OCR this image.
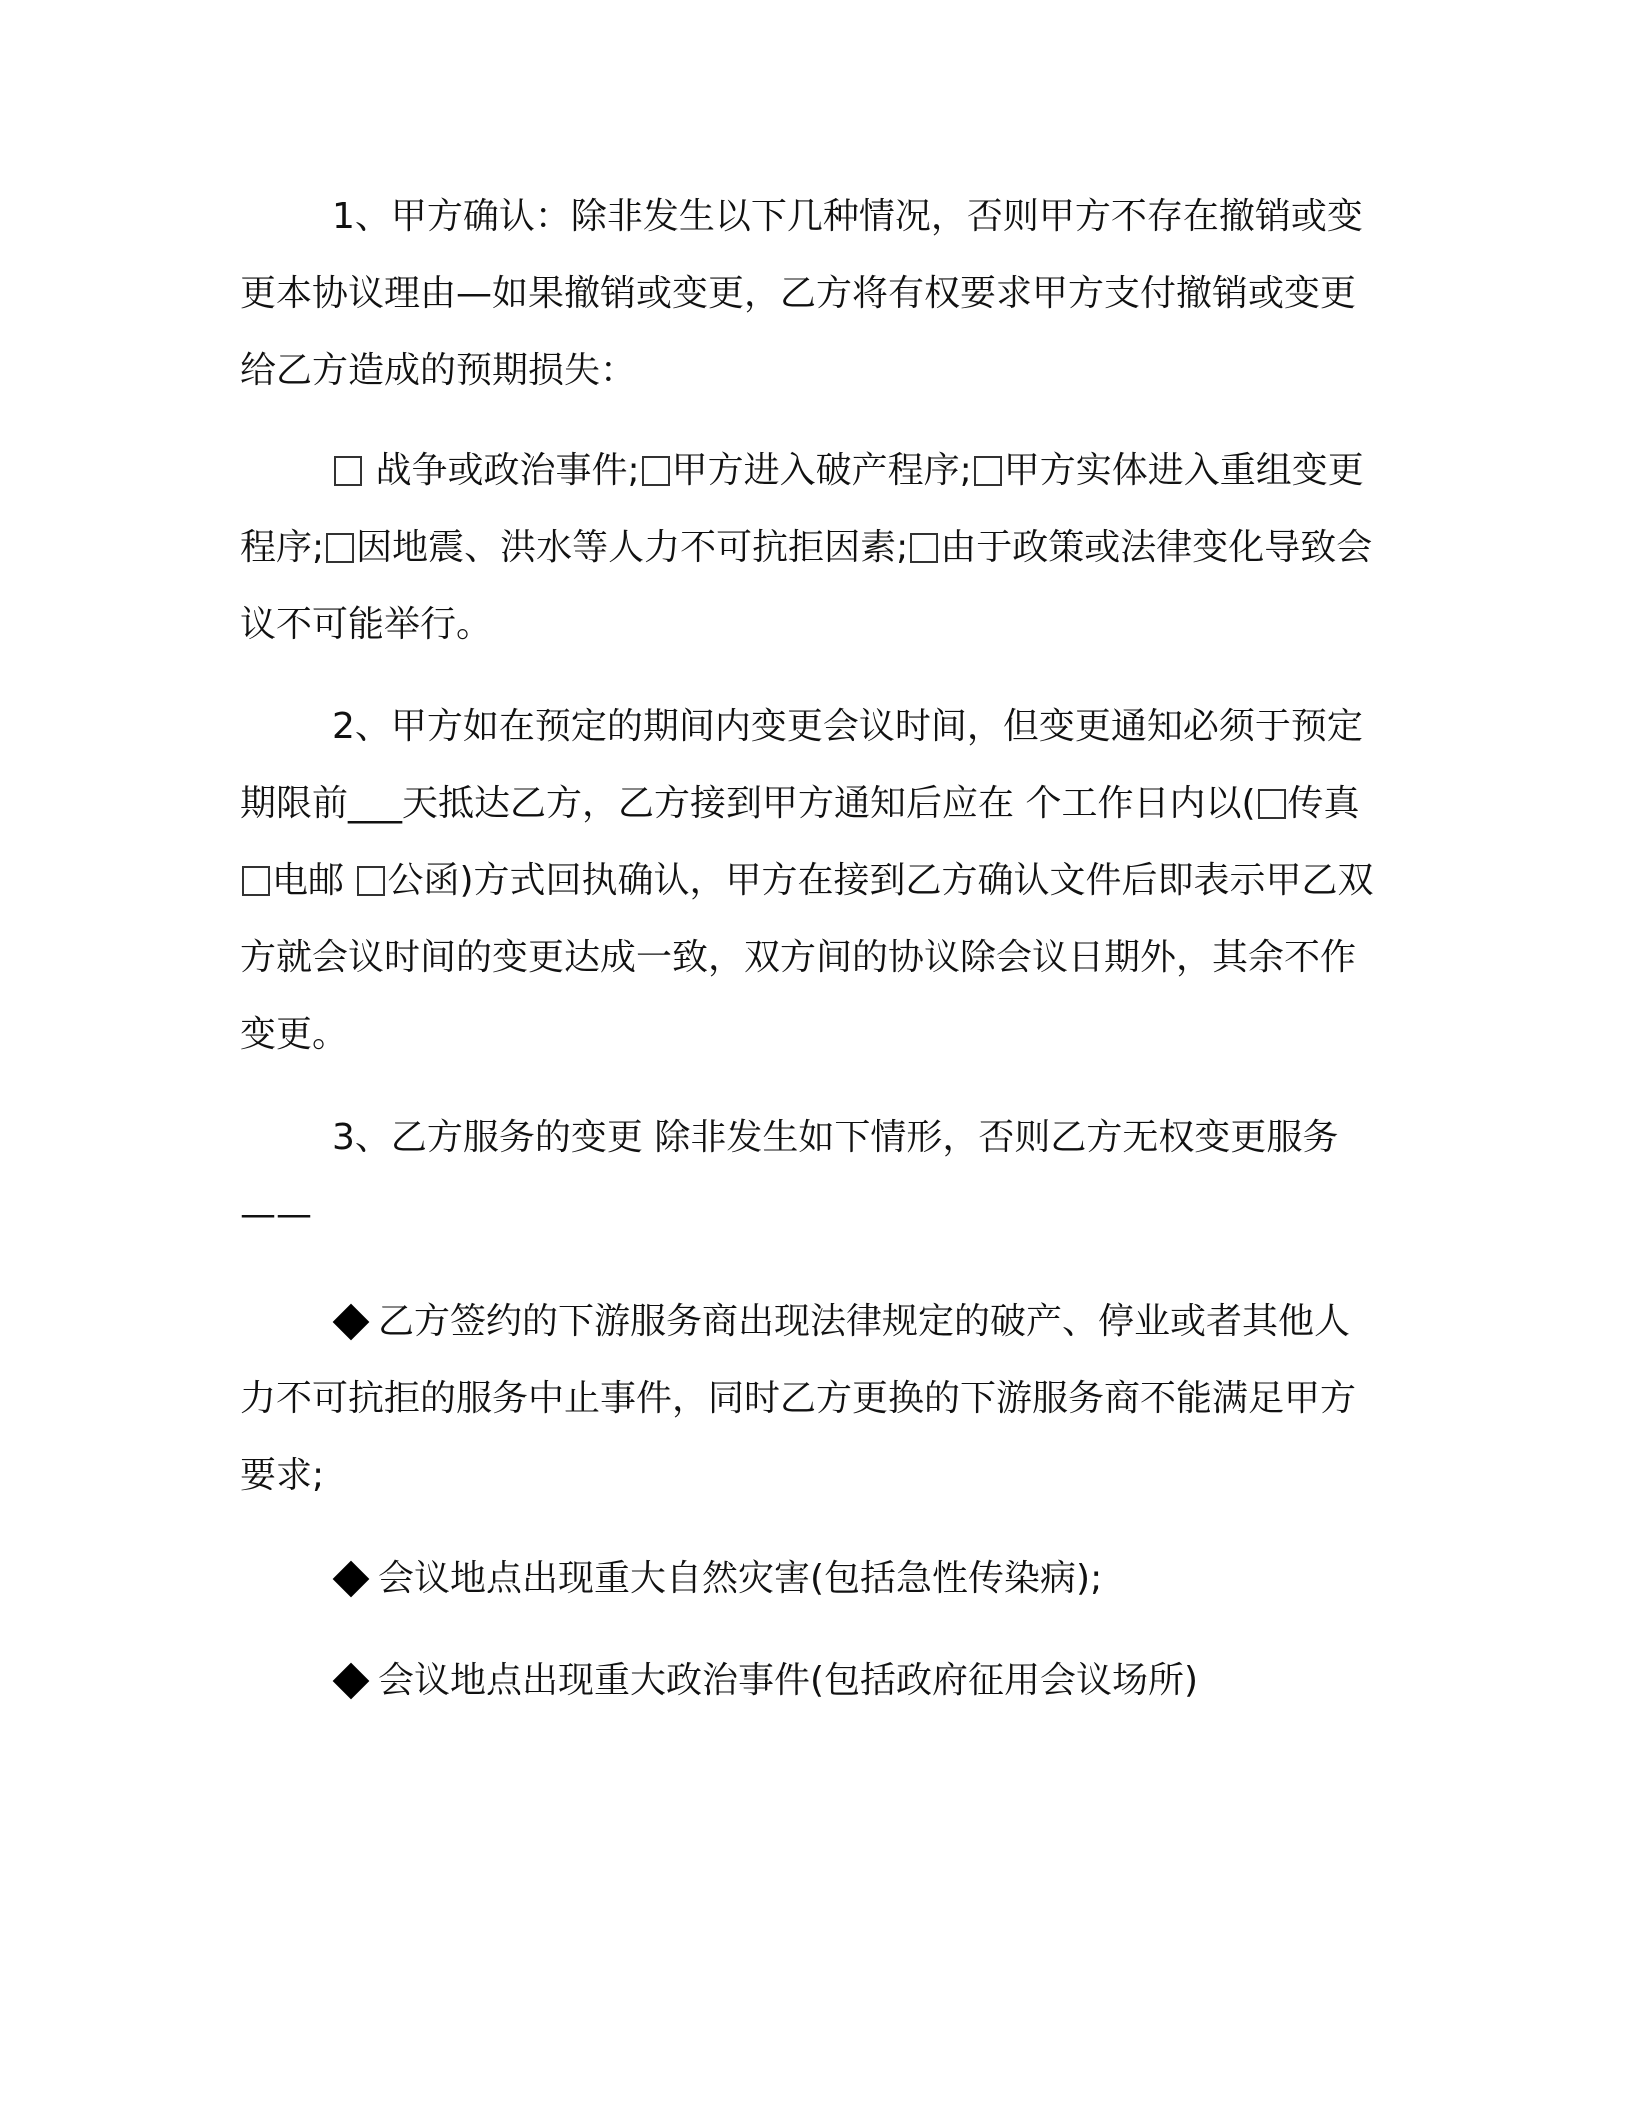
1、甲方确认：除非发生以下几种情况，否则甲方不存在撤销或变更本协议理由—如果撤销或变更，乙方将有权要求甲方支付撤销或变更给乙方造成的预期损失：

战争或政治事件; 甲方进入破产程序; 甲方实体进入重组变更程序; 因地震、洪水等人力不可抗拒因素; 由于政策或法律变化导致会议不可能举行。

2、甲方如在预定的期间内变更会议时间，但变更通知必须于预定期限前___天抵达乙方，乙方接到甲方通知后应在 个工作日内以( 传真 电邮 公函)方式回执确认，甲方在接到乙方确认文件后即表示甲乙双方就会议时间的变更达成一致，双方间的协议除会议日期外，其余不作变更。

3、乙方服务的变更 除非发生如下情形，否则乙方无权变更服务——

乙方签约的下游服务商出现法律规定的破产、停业或者其他人力不可抗拒的服务中止事件，同时乙方更换的下游服务商不能满足甲方要求;

会议地点出现重大自然灾害(包括急性传染病);

会议地点出现重大政治事件(包括政府征用会议场所)
